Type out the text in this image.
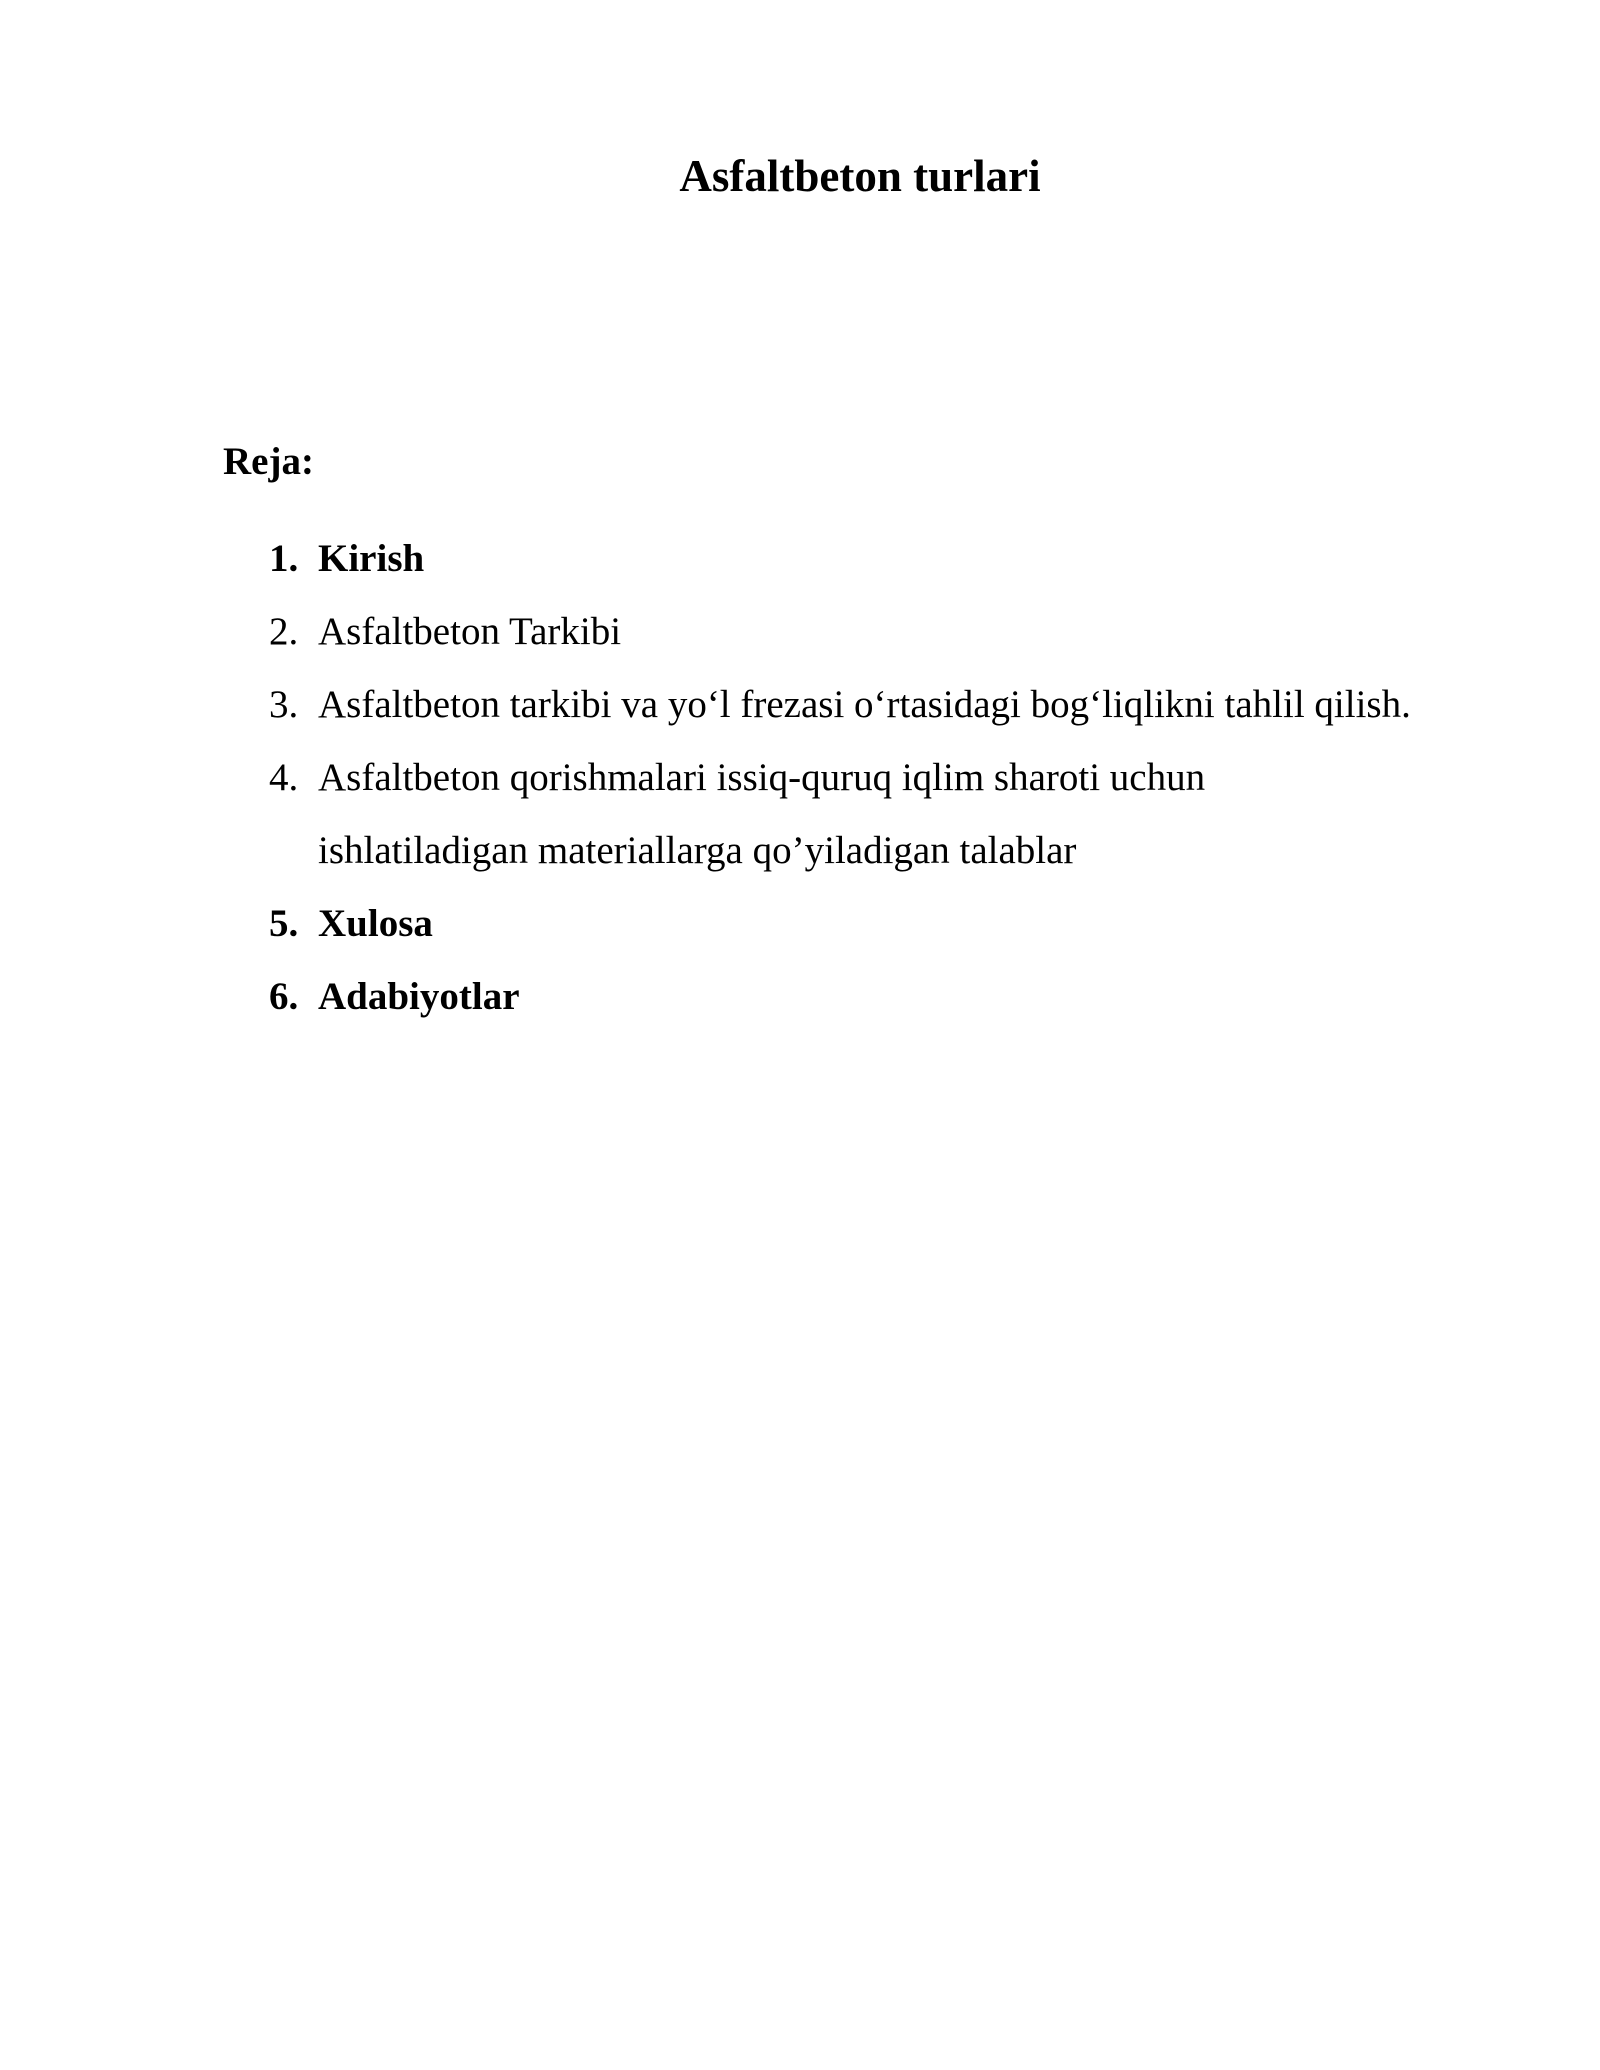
Asfaltbeton turlari
Reja:
1. Kirish
2. Asfaltbeton Tarkibi
3. Asfaltbeton tarkibi va yo‘l frezasi o‘rtasidagi bog‘liqlikni tahlil qilish.
4. Asfaltbeton qorishmalari issiq-quruq iqlim sharoti uchun
ishlatiladigan materiallarga qo’yiladigan talablar
5. Xulosa
6. Adabiyotlar
